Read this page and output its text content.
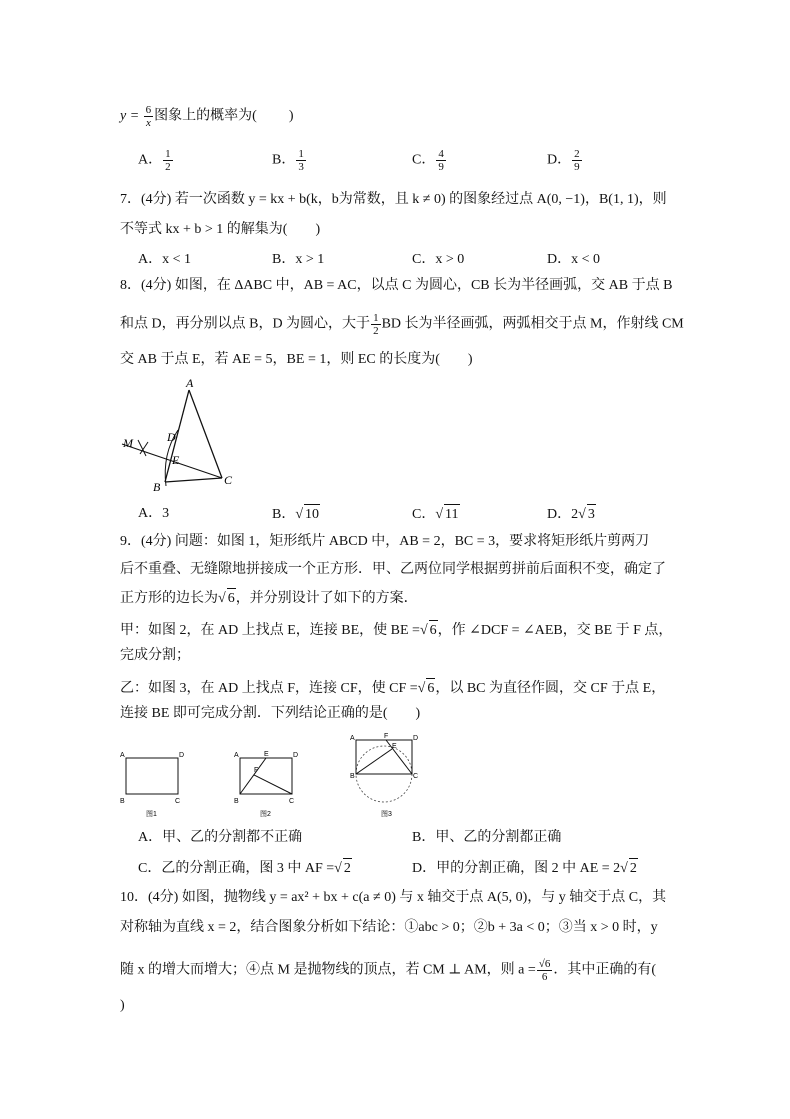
$y = \frac{6}{x}$ 图象上的概率为( )
A． $\frac{1}{2}$	B． $\frac{1}{3}$	C． $\frac{4}{9}$	D． $\frac{2}{9}$
7．(4分) 若一次函数 y = kx + b(k，b为常数，且 k ≠ 0) 的图象经过点 A(0, −1)，B(1, 1)，则
不等式 kx + b > 1 的解集为(　　)
A．x < 1	B．x > 1	C．x > 0	D．x < 0
8．(4分) 如图，在 ΔABC 中，AB = AC，以点 C 为圆心，CB 长为半径画弧，交 AB 于点 B
和点 D，再分别以点 B，D 为圆心，大于 $\frac{1}{2}$ BD 长为半径画弧，两弧相交于点 M，作射线 CM
交 AB 于点 E，若 AE = 5，BE = 1，则 EC 的长度为(　　)
A
B	C
D
E
M
A．3	B．√ 10	C．√ 11	D．2√ 3
9．(4分) 问题：如图 1，矩形纸片 ABCD 中，AB = 2，BC = 3，要求将矩形纸片剪两刀
后不重叠、无缝隙地拼接成一个正方形．甲、乙两位同学根据剪拼前后面积不变，确定了
正方形的边长为√ 6，并分别设计了如下的方案．
甲：如图 2，在 AD 上找点 E，连接 BE，使 BE =√ 6，作 ∠DCF = ∠AEB，交 BE 于 F 点，
完成分割；
乙：如图 3，在 AD 上找点 F，连接 CF，使 CF =√ 6，以 BC 为直径作圆，交 CF 于点 E，
连接 BE 即可完成分割．下列结论正确的是(　　)
A	D
B	C
图1
A	E	D
F
B	C
图2
A	F	D
E
B	C
图3
A．甲、乙的分割都不正确	B．甲、乙的分割都正确
C．乙的分割正确，图 3 中 AF =√ 2	D．甲的分割正确，图 2 中 AE = 2√ 2
10．(4分) 如图，抛物线 y = ax² + bx + c(a ≠ 0) 与 x 轴交于点 A(5, 0)，与 y 轴交于点 C，其
对称轴为直线 x = 2，结合图象分析如下结论：①abc > 0；②b + 3a < 0；③当 x > 0 时，y
随 x 的增大而增大；④点 M 是抛物线的顶点，若 CM ⊥ AM，则 $a = \frac{√6}{6}$ ．其中正确的有(
)
